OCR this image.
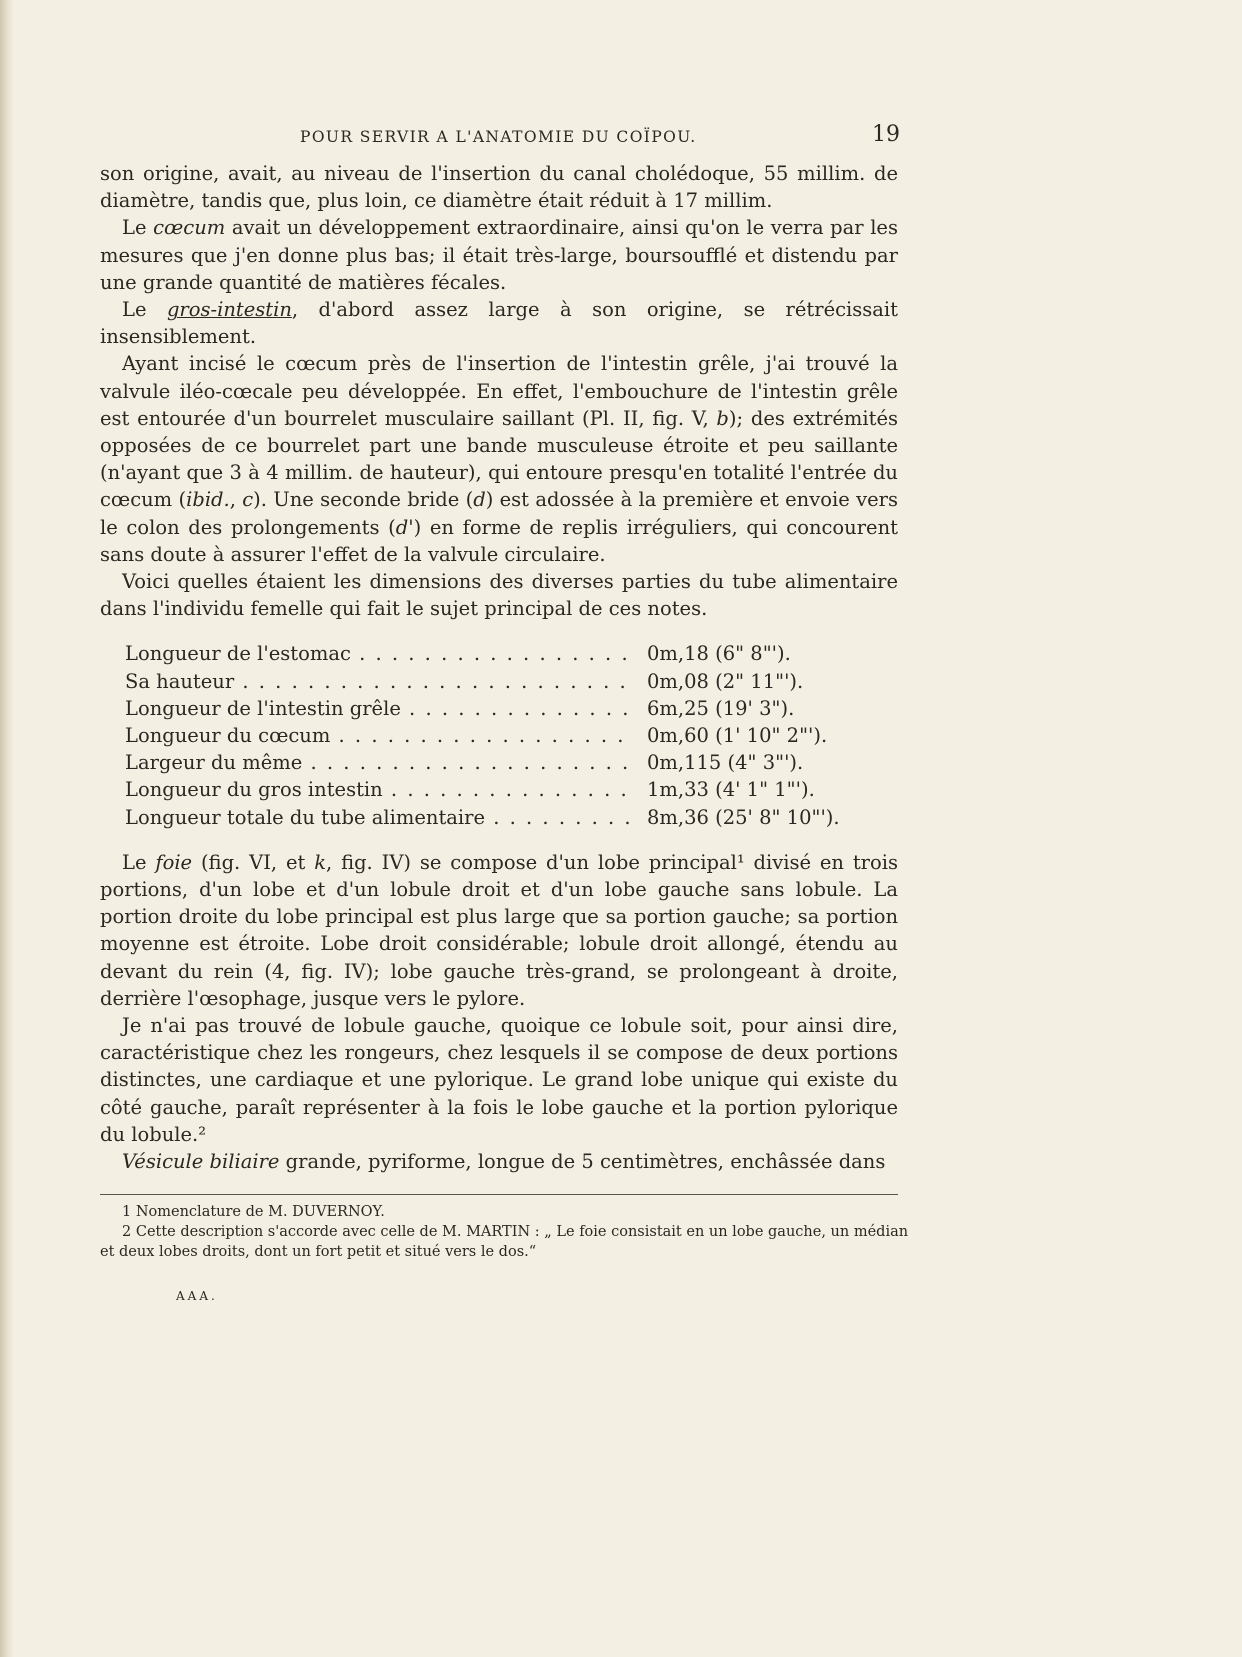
POUR SERVIR A L'ANATOMIE DU COÏPOU.	19

son origine, avait, au niveau de l'insertion du canal cholédoque, 55 millim. de diamètre, tandis que, plus loin, ce diamètre était réduit à 17 millim.

Le cœcum avait un développement extraordinaire, ainsi qu'on le verra par les mesures que j'en donne plus bas; il était très-large, boursoufflé et distendu par une grande quantité de matières fécales.

Le gros-intestin, d'abord assez large à son origine, se rétrécissait insensiblement.

Ayant incisé le cœcum près de l'insertion de l'intestin grêle, j'ai trouvé la valvule iléo-cœcale peu développée. En effet, l'embouchure de l'intestin grêle est entourée d'un bourrelet musculaire saillant (Pl. II, fig. V, b); des extrémités opposées de ce bourrelet part une bande musculeuse étroite et peu saillante (n'ayant que 3 à 4 millim. de hauteur), qui entoure presqu'en totalité l'entrée du cœcum (ibid., c). Une seconde bride (d) est adossée à la première et envoie vers le colon des prolongements (d') en forme de replis irréguliers, qui concourent sans doute à assurer l'effet de la valvule circulaire.

Voici quelles étaient les dimensions des diverses parties du tube alimentaire dans l'individu femelle qui fait le sujet principal de ces notes.

Longueur de l'estomac . . .	0m,18 (6" 8"').
Sa hauteur . . .	0m,08 (2" 11"').
Longueur de l'intestin grêle . . .	6m,25 (19' 3").
Longueur du cœcum . . .	0m,60 (1' 10" 2"').
Largeur du même . . .	0m,115 (4" 3"').
Longueur du gros intestin . . .	1m,33 (4' 1" 1"').
Longueur totale du tube alimentaire . . .	8m,36 (25' 8" 10"').

Le foie (fig. VI, et k, fig. IV) se compose d'un lobe principal¹ divisé en trois portions, d'un lobe et d'un lobule droit et d'un lobe gauche sans lobule. La portion droite du lobe principal est plus large que sa portion gauche; sa portion moyenne est étroite. Lobe droit considérable; lobule droit allongé, étendu au devant du rein (4, fig. IV); lobe gauche très-grand, se prolongeant à droite, derrière l'œsophage, jusque vers le pylore.

Je n'ai pas trouvé de lobule gauche, quoique ce lobule soit, pour ainsi dire, caractéristique chez les rongeurs, chez lesquels il se compose de deux portions distinctes, une cardiaque et une pylorique. Le grand lobe unique qui existe du côté gauche, paraît représenter à la fois le lobe gauche et la portion pylorique du lobule.²

Vésicule biliaire grande, pyriforme, longue de 5 centimètres, enchâssée dans

1 Nomenclature de M. DUVERNOY.

2 Cette description s'accorde avec celle de M. MARTIN : „ Le foie consistait en un lobe gauche, un médian et deux lobes droits, dont un fort petit et situé vers le dos.“

AAA.
